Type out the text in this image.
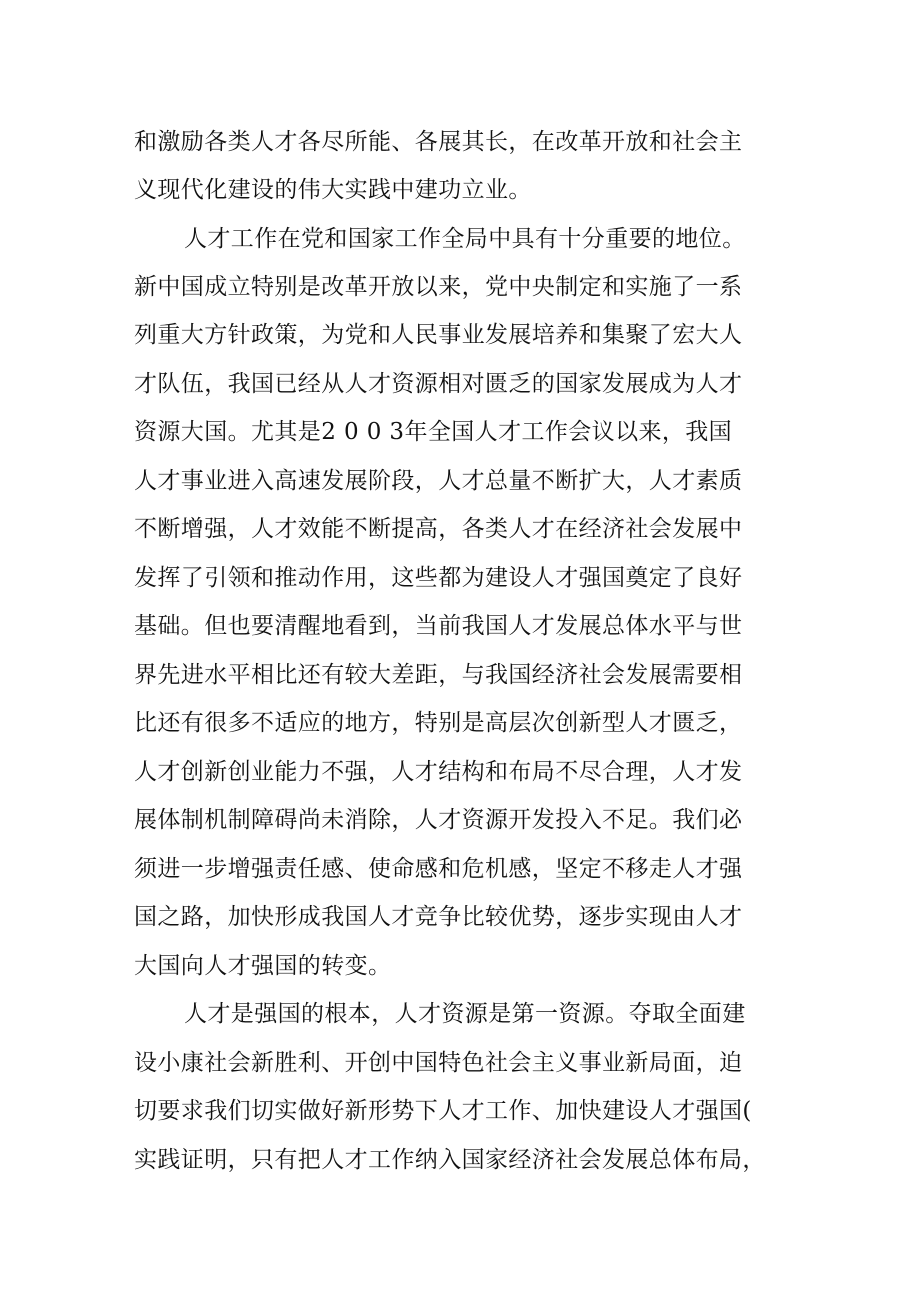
和激励各类人才各尽所能、各展其长，在改革开放和社会主
义现代化建设的伟大实践中建功立业。
人才工作在党和国家工作全局中具有十分重要的地位。
新中国成立特别是改革开放以来，党中央制定和实施了一系
列重大方针政策，为党和人民事业发展培养和集聚了宏大人
才队伍，我国已经从人才资源相对匮乏的国家发展成为人才
资源大国。尤其是2 0 0 3年全国人才工作会议以来，我国
人才事业进入高速发展阶段，人才总量不断扩大，人才素质
不断增强，人才效能不断提高，各类人才在经济社会发展中
发挥了引领和推动作用，这些都为建设人才强国奠定了良好
基础。但也要清醒地看到，当前我国人才发展总体水平与世
界先进水平相比还有较大差距，与我国经济社会发展需要相
比还有很多不适应的地方，特别是高层次创新型人才匮乏，
人才创新创业能力不强，人才结构和布局不尽合理，人才发
展体制机制障碍尚未消除，人才资源开发投入不足。我们必
须进一步增强责任感、使命感和危机感，坚定不移走人才强
国之路，加快形成我国人才竞争比较优势，逐步实现由人才
大国向人才强国的转变。
人才是强国的根本，人才资源是第一资源。夺取全面建
设小康社会新胜利、开创中国特色社会主义事业新局面，迫
切要求我们切实做好新形势下人才工作、加快建设人才强国(
实践证明，只有把人才工作纳入国家经济社会发展总体布局，
